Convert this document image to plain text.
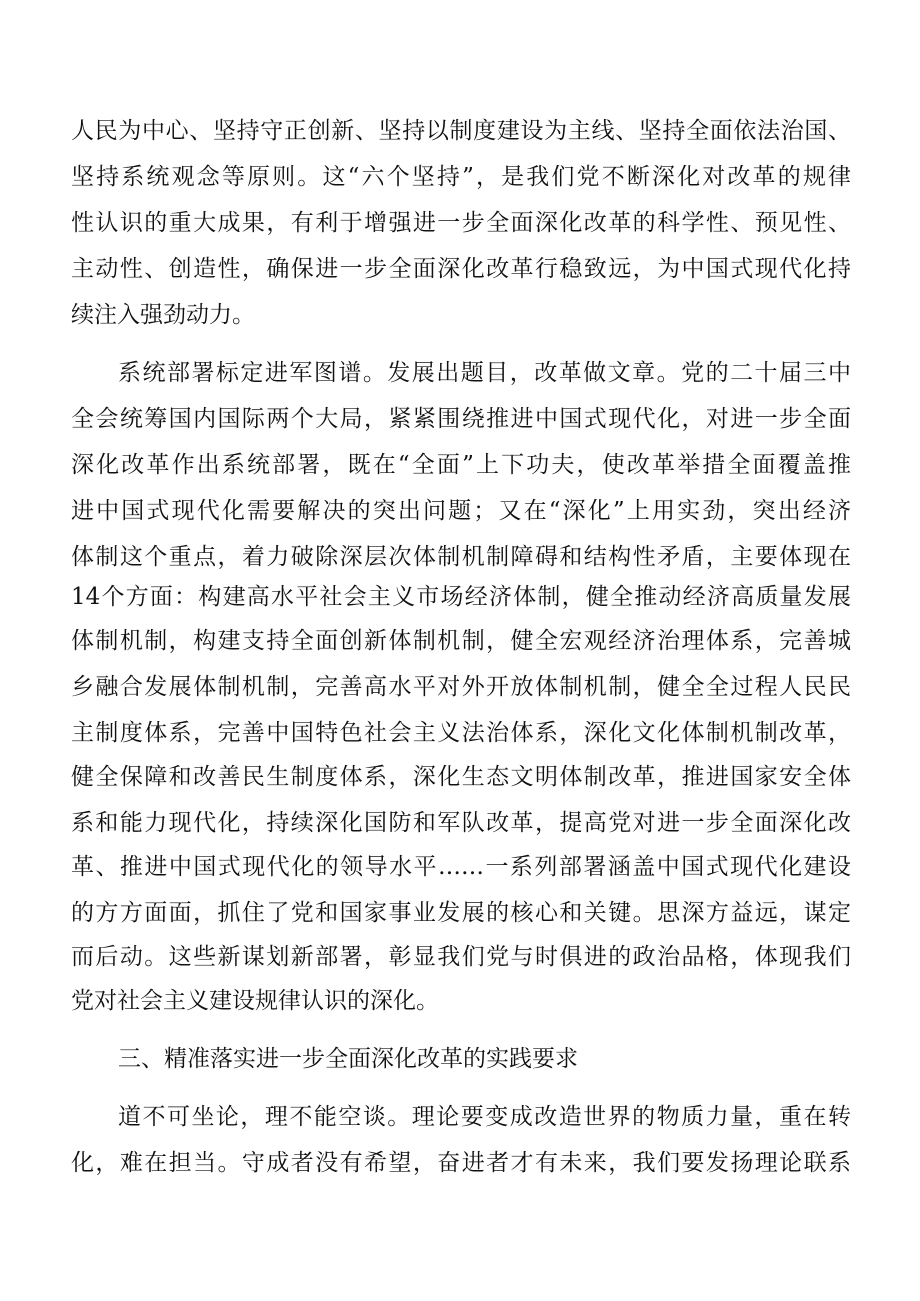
人民为中心、坚持守正创新、坚持以制度建设为主线、坚持全面依法治国、
坚持系统观念等原则。这“六个坚持”，是我们党不断深化对改革的规律
性认识的重大成果，有利于增强进一步全面深化改革的科学性、预见性、
主动性、创造性，确保进一步全面深化改革行稳致远，为中国式现代化持
续注入强劲动力。
系统部署标定进军图谱。发展出题目，改革做文章。党的二十届三中
全会统筹国内国际两个大局，紧紧围绕推进中国式现代化，对进一步全面
深化改革作出系统部署，既在“全面”上下功夫，使改革举措全面覆盖推
进中国式现代化需要解决的突出问题；又在“深化”上用实劲，突出经济
体制这个重点，着力破除深层次体制机制障碍和结构性矛盾，主要体现在
14个方面：构建高水平社会主义市场经济体制，健全推动经济高质量发展
体制机制，构建支持全面创新体制机制，健全宏观经济治理体系，完善城
乡融合发展体制机制，完善高水平对外开放体制机制，健全全过程人民民
主制度体系，完善中国特色社会主义法治体系，深化文化体制机制改革，
健全保障和改善民生制度体系，深化生态文明体制改革，推进国家安全体
系和能力现代化，持续深化国防和军队改革，提高党对进一步全面深化改
革、推进中国式现代化的领导水平……一系列部署涵盖中国式现代化建设
的方方面面，抓住了党和国家事业发展的核心和关键。思深方益远，谋定
而后动。这些新谋划新部署，彰显我们党与时俱进的政治品格，体现我们
党对社会主义建设规律认识的深化。
三、精准落实进一步全面深化改革的实践要求
道不可坐论，理不能空谈。理论要变成改造世界的物质力量，重在转
化，难在担当。守成者没有希望，奋进者才有未来，我们要发扬理论联系
